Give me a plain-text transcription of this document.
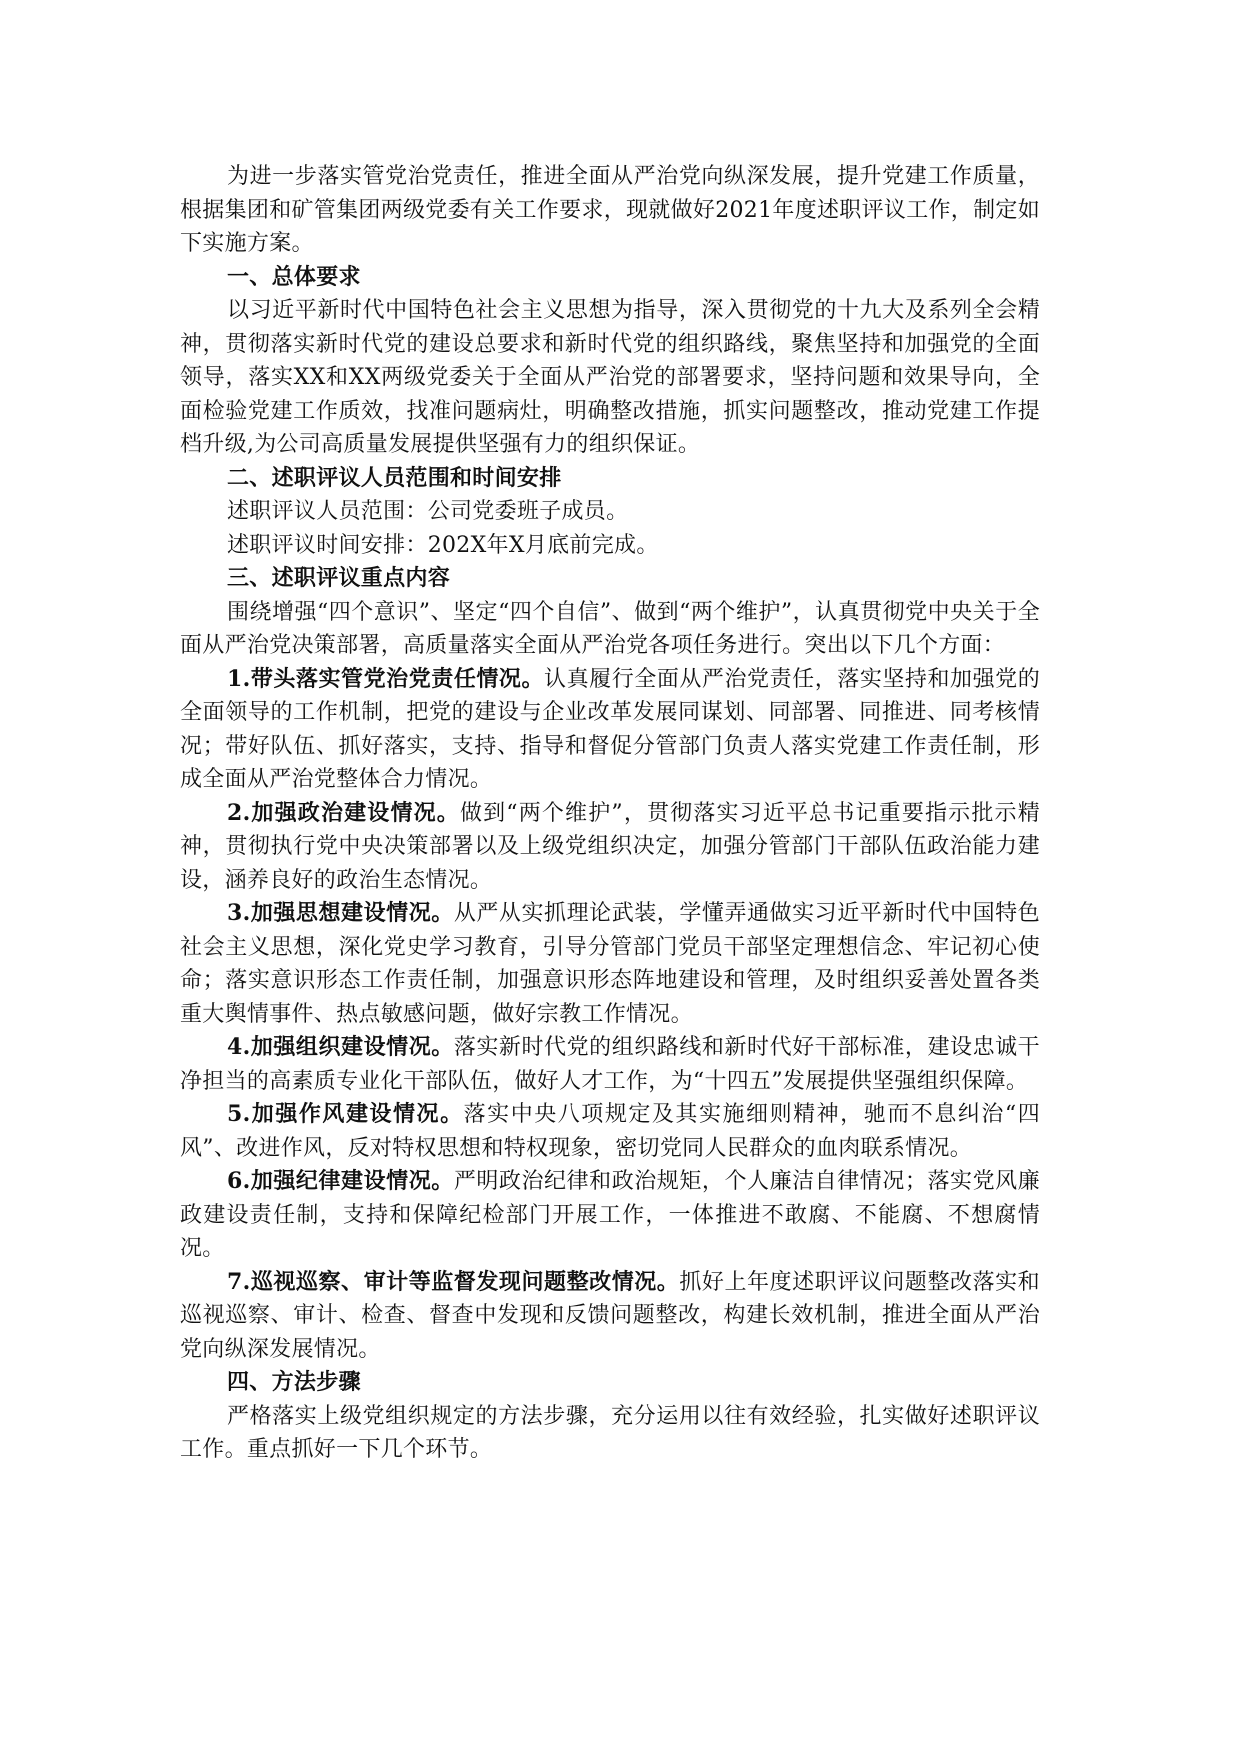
为进一步落实管党治党责任，推进全面从严治党向纵深发展，提升党建工作质量，根据集团和矿管集团两级党委有关工作要求，现就做好2021年度述职评议工作，制定如下实施方案。

一、总体要求

以习近平新时代中国特色社会主义思想为指导，深入贯彻党的十九大及系列全会精神，贯彻落实新时代党的建设总要求和新时代党的组织路线，聚焦坚持和加强党的全面领导，落实XX和XX两级党委关于全面从严治党的部署要求，坚持问题和效果导向，全面检验党建工作质效，找准问题病灶，明确整改措施，抓实问题整改，推动党建工作提档升级,为公司高质量发展提供坚强有力的组织保证。

二、述职评议人员范围和时间安排

述职评议人员范围：公司党委班子成员。

述职评议时间安排：202X年X月底前完成。

三、述职评议重点内容

围绕增强“四个意识”、坚定“四个自信”、做到“两个维护”，认真贯彻党中央关于全面从严治党决策部署，高质量落实全面从严治党各项任务进行。突出以下几个方面：

1.带头落实管党治党责任情况。认真履行全面从严治党责任，落实坚持和加强党的全面领导的工作机制，把党的建设与企业改革发展同谋划、同部署、同推进、同考核情况；带好队伍、抓好落实，支持、指导和督促分管部门负责人落实党建工作责任制，形成全面从严治党整体合力情况。

2.加强政治建设情况。做到“两个维护”，贯彻落实习近平总书记重要指示批示精神，贯彻执行党中央决策部署以及上级党组织决定，加强分管部门干部队伍政治能力建设，涵养良好的政治生态情况。

3.加强思想建设情况。从严从实抓理论武装，学懂弄通做实习近平新时代中国特色社会主义思想，深化党史学习教育，引导分管部门党员干部坚定理想信念、牢记初心使命；落实意识形态工作责任制，加强意识形态阵地建设和管理，及时组织妥善处置各类重大舆情事件、热点敏感问题，做好宗教工作情况。

4.加强组织建设情况。落实新时代党的组织路线和新时代好干部标准，建设忠诚干净担当的高素质专业化干部队伍，做好人才工作，为“十四五”发展提供坚强组织保障。

5.加强作风建设情况。落实中央八项规定及其实施细则精神，驰而不息纠治“四风”、改进作风，反对特权思想和特权现象，密切党同人民群众的血肉联系情况。

6.加强纪律建设情况。严明政治纪律和政治规矩，个人廉洁自律情况；落实党风廉政建设责任制，支持和保障纪检部门开展工作，一体推进不敢腐、不能腐、不想腐情况。

7.巡视巡察、审计等监督发现问题整改情况。抓好上年度述职评议问题整改落实和巡视巡察、审计、检查、督查中发现和反馈问题整改，构建长效机制，推进全面从严治党向纵深发展情况。

四、方法步骤

严格落实上级党组织规定的方法步骤，充分运用以往有效经验，扎实做好述职评议工作。重点抓好一下几个环节。
